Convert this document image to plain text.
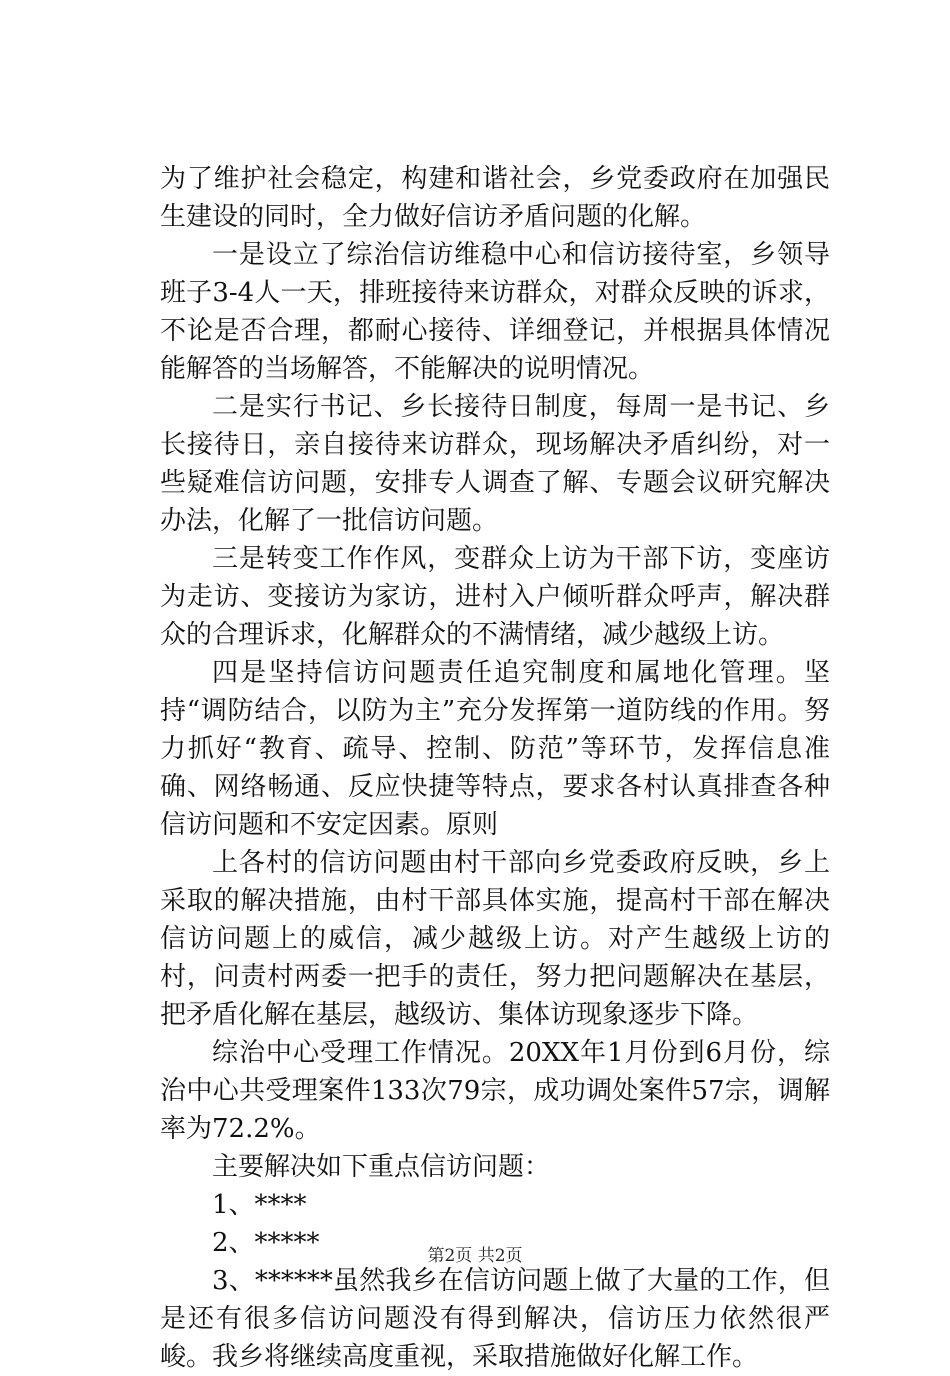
为了维护社会稳定，构建和谐社会，乡党委政府在加强民生建设的同时，全力做好信访矛盾问题的化解。

一是设立了综治信访维稳中心和信访接待室，乡领导班子3-4人一天，排班接待来访群众，对群众反映的诉求，不论是否合理，都耐心接待、详细登记，并根据具体情况能解答的当场解答，不能解决的说明情况。

二是实行书记、乡长接待日制度，每周一是书记、乡长接待日，亲自接待来访群众，现场解决矛盾纠纷，对一些疑难信访问题，安排专人调查了解、专题会议研究解决办法，化解了一批信访问题。

三是转变工作作风，变群众上访为干部下访，变座访为走访、变接访为家访，进村入户倾听群众呼声，解决群众的合理诉求，化解群众的不满情绪，减少越级上访。

四是坚持信访问题责任追究制度和属地化管理。坚持“调防结合，以防为主”充分发挥第一道防线的作用。努力抓好“教育、疏导、控制、防范”等环节，发挥信息准确、网络畅通、反应快捷等特点，要求各村认真排查各种信访问题和不安定因素。原则

上各村的信访问题由村干部向乡党委政府反映，乡上采取的解决措施，由村干部具体实施，提高村干部在解决信访问题上的威信，减少越级上访。对产生越级上访的村，问责村两委一把手的责任，努力把问题解决在基层，把矛盾化解在基层，越级访、集体访现象逐步下降。

综治中心受理工作情况。20XX年1月份到6月份，综治中心共受理案件133次79宗，成功调处案件57宗，调解率为72.2%。

主要解决如下重点信访问题：

1、****

2、*****

3、******虽然我乡在信访问题上做了大量的工作，但是还有很多信访问题没有得到解决，信访压力依然很严峻。我乡将继续高度重视，采取措施做好化解工作。

第2页 共2页
